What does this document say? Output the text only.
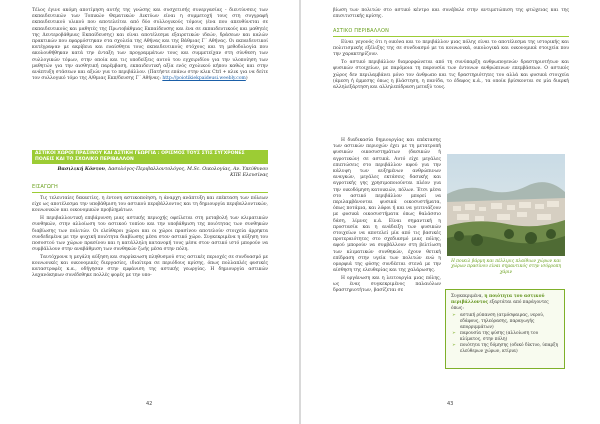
Τέλος έγινε ακόμη αποτίμηση αυτής της γνώσης και συσχετισής συνεργασίας - διευτύνσεις των εκπαιδευτικών των Τοπικών Θεματικών Δικτύων είναι η συμμετοχή τους στη συγγραφή εκπαιδευτικού υλικού που αποτελείται από δύο συλλογικούς τόμους (ένα που απευθύνεται σε εκπαιδευτικούς και μαθητές της Πρωτοβάθμιας Εκπαίδευσης και ένα σε εκπαιδευτικούς και μαθητές της Δευτεροβάθμιας Εκπαίδευσης) και είναι αποτέλεσμα εξαιρετικών ιδεών, δράσεων και καλών πρακτικών που εφαρμόστηκαν στα σχολεία της Αθήνας και της Βάθμιας Γ΄ Αθήνας. Οι εκπαιδευτικοί κατέγραψαν με ακρίβεια και ευαίσθητα τους εκπαιδευτικούς στόχους και τη μεθοδολογία που ακολουθήθηκαν κατά την ένταξη των προγραμμάτων τους και συμμετείχαν στη σύνθεση των συλλογικών τόμων, στην οποία και τις υποδείξεις αυτού του εγχειριδίου για την υλοποίηση των μαθητών για την αισθητική παρέμβαση, εκπαιδευτική αξία ενός σχολικού κήπου καθώς και στην ανάπτυξη στάσεων και αξιών για το περιβάλλον. (Πατήστε επάνω στην κλικ Ctrl + κλικ για να δείτε τον συλλογικό τόμο της Α/θμιας Εκπ/δευσης Γ΄ Αθήνας: http://poiotikiekpaideusi.weebly.com)

ΑΣΤΙΚΟΙ ΧΩΡΟΙ ΠΡΑΣΙΝΟΥ ΚΑΙ ΑΣΤΙΚΗ ΓΕΩΡΓΙΑ : ΟΡΙΣΜΟΣ ΤΟΥΣ ΣΤΙΣ ΣΥΓΧΡΟΝΕΣ ΠΟΛΕΙΣ ΚΑΙ ΤΟ ΣΧΟΛΙΚΟ ΠΕΡΙΒΑΛΛΟΝ
Βασιλική Κόντου, Δασολόγος-Περιβαλλοντολόγος, M.Sc. Οικολογίας, Αν. Υπεύθυνου
ΚΠΕ Ελευσίνας
ΕΙΣΑΓΩΓΗ

Τις τελευταίες δεκαετίες, η έντονη αστικοποίηση, η άναρχη ανάπτυξη και επέκταση των πόλεων είχε ως αποτέλεσμα την υποβάθμιση του αστικού περιβάλλοντος και τη δημιουργία περιβαλλοντικών, κοινωνικών και οικονομικών προβλημάτων.

Η περιβαλλοντική επιβάρυνση μιας αστικής περιοχής οφείλεται στη μεταβολή των κλιματικών συνθηκών, στην αλλοίωση του αστικού τοπίου και την υποβάθμιση της ποιότητας των συνθηκών διαβίωσης των πολιτών. Οι ελεύθεροι χώροι και οι χώροι πρασίνου αποτελούν στοιχεία άρρηκτα συνδεδεμένα με την ψυχική ποιότητα διαβίωσης μέσα στον αστικό χώρο. Συγκεκριμένα η αύξηση του ποσοστού των χώρων πρασίνου και η κατάλληλη κατανομή τους μέσα στον αστικό ιστό μπορούν να συμβάλλουν στην αναβάθμιση των συνθηκών ζωής μέσα στην πόλη.

Ταυτόχρονα η μεγάλη αύξηση και συρρίκνωση πληθυσμού στις αστικές περιοχές σε συνδυασμό με κοινωνικές και οικονομικές διεργασίες, ιδιαίτερα σε περιόδους κρίσης, όπως πολλαπλές φυσικές καταστροφές κ.α., οδήγησαν στην εμφάνιση της αστικής γεωργίας. Η δημιουργία αστικών λαχανόκηπων συνέδεθηκε πολλές φορές με την υπο-

42

βίωση των πολιτών στο αστικό κέντρο και συνέβαλε στην αντιμετώπιση της φτώχειας και της επισιτιστικής κρίσης.

ΑΣΤΙΚΟ ΠΕΡΙΒΑΛΛΟΝ

Είναι γεγονός ότι η οικόνα και το περιβάλλον μιας πόλης είναι το αποτέλεσμα της ιστορικής και πολιτισμικής εξέλιξης της σε συνδυασμό με τα κοινωνικά, οικολογικά και οικονομικά στοιχεία που την χαρακτηρίζουν.

Το αστικό περιβάλλον διαμορφώνεται από τη συνύπαρξη ανθρωπογενών δραστηριοτήτων και φυσικών στοιχείων, με παρόμοια τη παρουσία των έντονων ανθρώπινων επεμβάσεων. Ο αστικός χώρος δεν περιλαμβάνει μόνο τον άνθρωπο και τις δραστηριότητες του αλλά και φυσικά στοιχεία (άμεση ή έμμεσης όπως η βλάστηση, η πανίδα, το έδαφος κ.ά., τα οποία βρίσκονται σε μία διαρκή αλληλεξάρτηση και αλληλεπίδραση μεταξύ τους.

Η διαδικασία δημιουργίας και επέκτασης των αστικών περιοχών έχει με τη μετατροπή φυσικών οικοσυστημάτων (δασικών ή αγροτικών) σε αστικά. Αυτό είχε μεγάλες επιπτώσεις στο περιβάλλον αφού για την κάλυψη των αυξημένων ανθρώπινων αναγκών, μεγάλες εκτάσεις δασικής και αγροτικής γης χρησιμοποιούνται πλέον για την οικοδόμηση κατοικιών, πόλων. Έτσι μέσα στο αστικό περιβάλλον μπορεί να περιλαμβάνονται φυσικά οικοσυστήματα, όπως ποτάμια, και λόφοι ή και να γειτνιάζουν με φυσικά οικοσυστήματα όπως θαλάσσιο δάση, λίμνες κ.ά. Είναι σημαντική η προστασία και η ανάδειξη των φυσικών στοιχείων να αποτελεί μία από τις βασικές προτεραιότητες στο σχεδιασμό μιας πόλης, αφού μπορούν να συμβάλλουν στη βελτίωση των κλιματικών συνθηκών, έχουν θετική επίδραση στην υγεία των πολιτών ενώ η ομορφιά της φύσης συνδέεται στενά με την αίσθηση της ελευθερίας και της χαλάρωσης.

Η οργάνωση και η λειτουργία μιας πόλης, ως ένας συγκεκριμένος παλαιόλων δραστηριοτήτων, βασίζεται σε

Η ποικιλ βάρμη και πέλλιρις πλαίθιων χώρων και χώρων πρασίνου είναι σημαντικός στην ισόρροπη χάριν

Συγκεκριμένα, η ποιότητα του αστικού περιβάλλοντος εξαρτάται από παράγοντες όπως:

➢ αστική ρύπανση (ατμόσφαιρας, νερού, εδάφους, τηλεόρασης, παραγωγής απορριμμάτων)
➢ παρουσία της φύσης (αλλοίωση του κλίματος, στην πόλη)
➢ ποιότητα της δόμησης (οδικό δίκτυο, ύπαρξη ελεύθερων χώρων, κτίρια)
43
